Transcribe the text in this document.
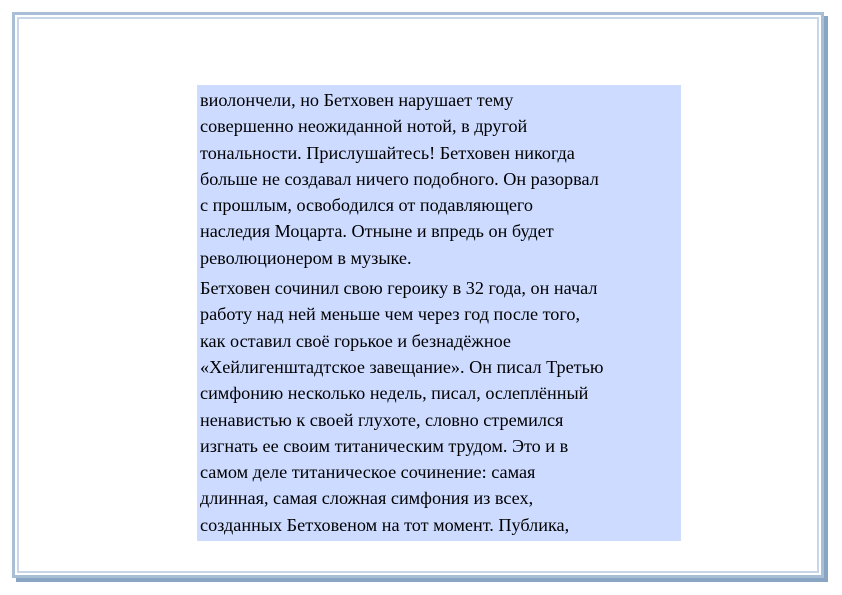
виолончели, но Бетховен нарушает тему
совершенно неожиданной нотой, в другой
тональности. Прислушайтесь! Бетховен никогда
больше не создавал ничего подобного. Он разорвал
с прошлым, освободился от подавляющего
наследия Моцарта. Отныне и впредь он будет
революционером в музыке.

Бетховен сочинил свою героику в 32 года, он начал
работу над ней меньше чем через год после того,
как оставил своё горькое и безнадёжное
«Хейлигенштадтское завещание». Он писал Третью
симфонию несколько недель, писал, ослеплённый
ненавистью к своей глухоте, словно стремился
изгнать ее своим титаническим трудом. Это и в
самом деле титаническое сочинение: самая
длинная, самая сложная симфония из всех,
созданных Бетховеном на тот момент. Публика,
